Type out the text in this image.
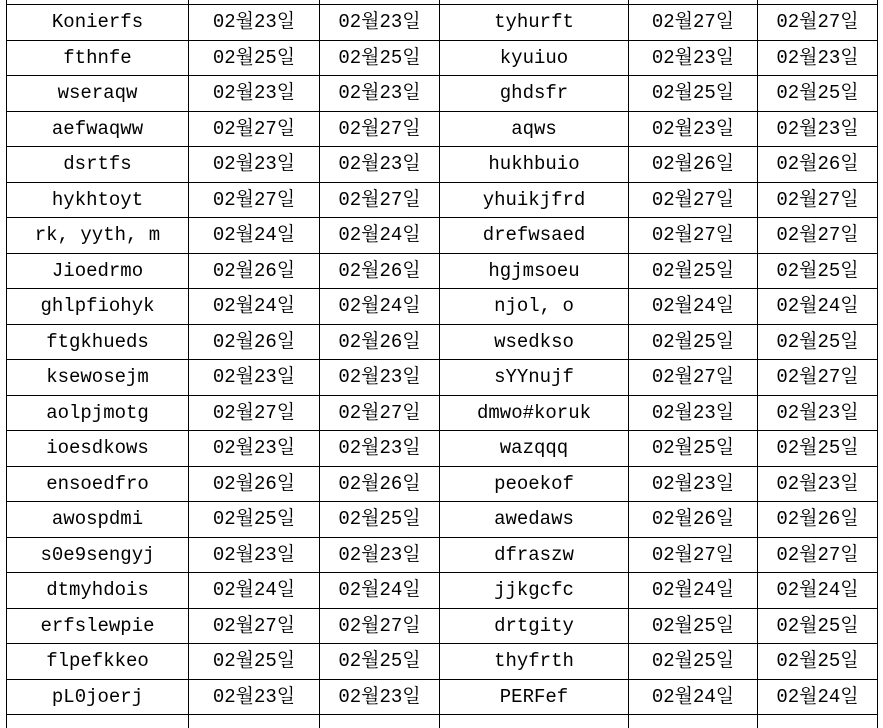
Konierfs	02월23일	02월23일	tyhurft	02월27일	02월27일
fthnfe	02월25일	02월25일	kyuiuo	02월23일	02월23일
wseraqw	02월23일	02월23일	ghdsfr	02월25일	02월25일
aefwaqww	02월27일	02월27일	aqws	02월23일	02월23일
dsrtfs	02월23일	02월23일	hukhbuio	02월26일	02월26일
hykhtoyt	02월27일	02월27일	yhuikjfrd	02월27일	02월27일
rk, yyth, m	02월24일	02월24일	drefwsaed	02월27일	02월27일
Jioedrmo	02월26일	02월26일	hgjmsoeu	02월25일	02월25일
ghlpfiohyk	02월24일	02월24일	njol, o	02월24일	02월24일
ftgkhueds	02월26일	02월26일	wsedkso	02월25일	02월25일
ksewosejm	02월23일	02월23일	sYYnujf	02월27일	02월27일
aolpjmotg	02월27일	02월27일	dmwo#koruk	02월23일	02월23일
ioesdkows	02월23일	02월23일	wazqqq	02월25일	02월25일
ensoedfro	02월26일	02월26일	peoekof	02월23일	02월23일
awospdmi	02월25일	02월25일	awedaws	02월26일	02월26일
s0e9sengyj	02월23일	02월23일	dfraszw	02월27일	02월27일
dtmyhdois	02월24일	02월24일	jjkgcfc	02월24일	02월24일
erfslewpie	02월27일	02월27일	drtgity	02월25일	02월25일
flpefkkeo	02월25일	02월25일	thyfrth	02월25일	02월25일
pL0joerj	02월23일	02월23일	PERFef	02월24일	02월24일
